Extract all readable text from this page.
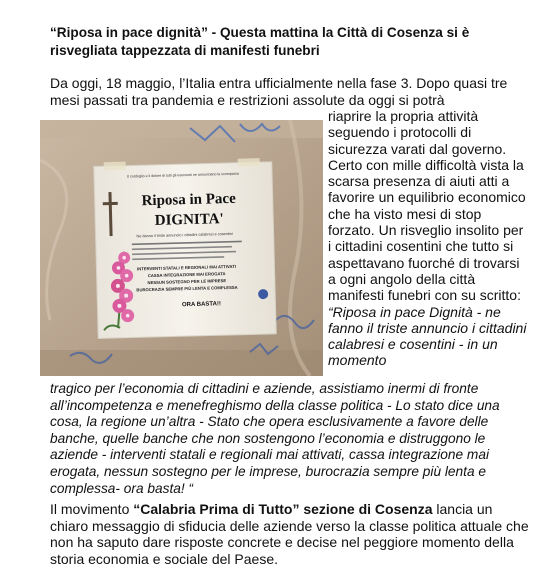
“Riposa in pace dignità” - Questa mattina la Città di Cosenza si è risvegliata tappezzata di manifesti funebri

Da oggi, 18 maggio, l’Italia entra ufficialmente nella fase 3. Dopo quasi tre mesi passati tra pandemia e restrizioni assolute da oggi si potrà

Il cordoglio e il dolore di tutti gli esercenti ne annunciano la scomparsa
Riposa in Pace
DIGNITA'
Ne danno il triste annuncio i cittadini calabresi e cosentini
INTERVENTI STATALI E REGIONALI MAI ATTIVATI
CASSA INTEGRAZIONE MAI EROGATA
NESSUN SOSTEGNO PER LE IMPRESE
BUROCRAZIA SEMPRE PIÙ LENTA E COMPLESSA
ORA BASTA!!

riaprire la propria attività seguendo i protocolli di sicurezza varati dal governo. Certo con mille difficoltà vista la scarsa presenza di aiuti atti a favorire un equilibrio economico che ha visto mesi di stop forzato. Un risveglio insolito per i cittadini cosentini che tutto si aspettavano fuorché di trovarsi a ogni angolo della città manifesti funebri con su scritto: “Riposa in pace Dignità - ne fanno il triste annuncio i cittadini calabresi e cosentini - in un momento

tragico per l’economia di cittadini e aziende, assistiamo inermi di fronte all’incompetenza e menefreghismo della classe politica - Lo stato dice una cosa, la regione un’altra - Stato che opera esclusivamente a favore delle banche, quelle banche che non sostengono l’economia e distruggono le aziende - interventi statali e regionali mai attivati, cassa integrazione mai erogata, nessun sostegno per le imprese, burocrazia sempre più lenta e complessa- ora basta! “

Il movimento “Calabria Prima di Tutto” sezione di Cosenza lancia un chiaro messaggio di sfiducia delle aziende verso la classe politica attuale che non ha saputo dare risposte concrete e decise nel peggiore momento della storia economia e sociale del Paese.
